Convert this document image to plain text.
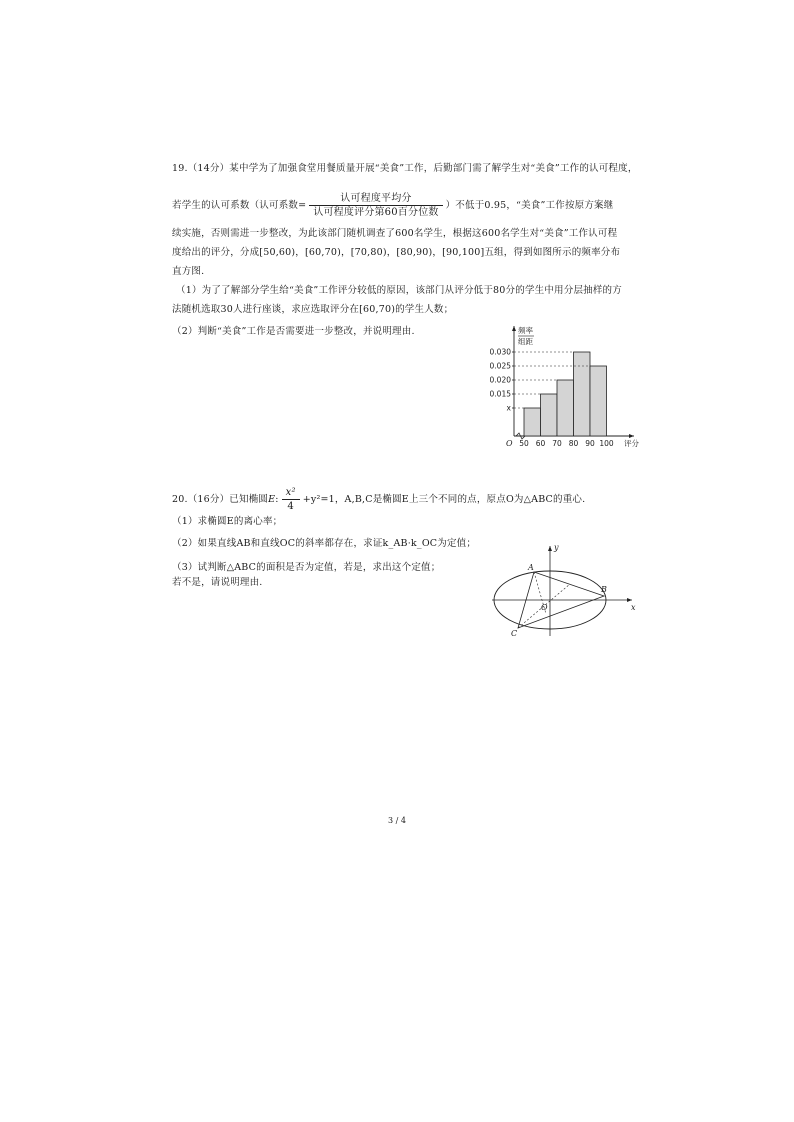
19.（14分）某中学为了加强食堂用餐质量开展“美食”工作，后勤部门需了解学生对“美食”工作的认可程度，
若学生的认可系数（认可系数= $\frac{\text{认可程度平均分}}{\text{认可程度评分第60百分位数}}$ ）不低于0.95，“美食”工作按原方案继
续实施，否则需进一步整改，为此该部门随机调查了600名学生，根据这600名学生对“美食”工作认可程
度给出的评分，分成[50,60)，[60,70)，[70,80)，[80,90)，[90,100]五组，得到如图所示的频率分布
直方图.
（1）为了了解部分学生给“美食”工作评分较低的原因，该部门从评分低于80分的学生中用分层抽样的方
法随机选取30人进行座谈，求应选取评分在[60,70)的学生人数；
（2）判断“美食”工作是否需要进一步整改，并说明理由.
0.030
0.025
0.020
0.015
x
50 60 70 80 90 100
O
频率
组距
评分
20.（16分）已知椭圆E: $\frac{\text{x²}}{4} +y^2=1$，A,B,C是椭圆E上三个不同的点，原点O为△ABC的重心.
（1）求椭圆E的离心率；
（2）如果直线AB和直线OC的斜率都存在，求证k_AB·k_OC为定值；
（3）试判断△ABC的面积是否为定值，若是，求出这个定值；
若不是，请说明理由.
A
B
C
O	x
y
3 / 4
